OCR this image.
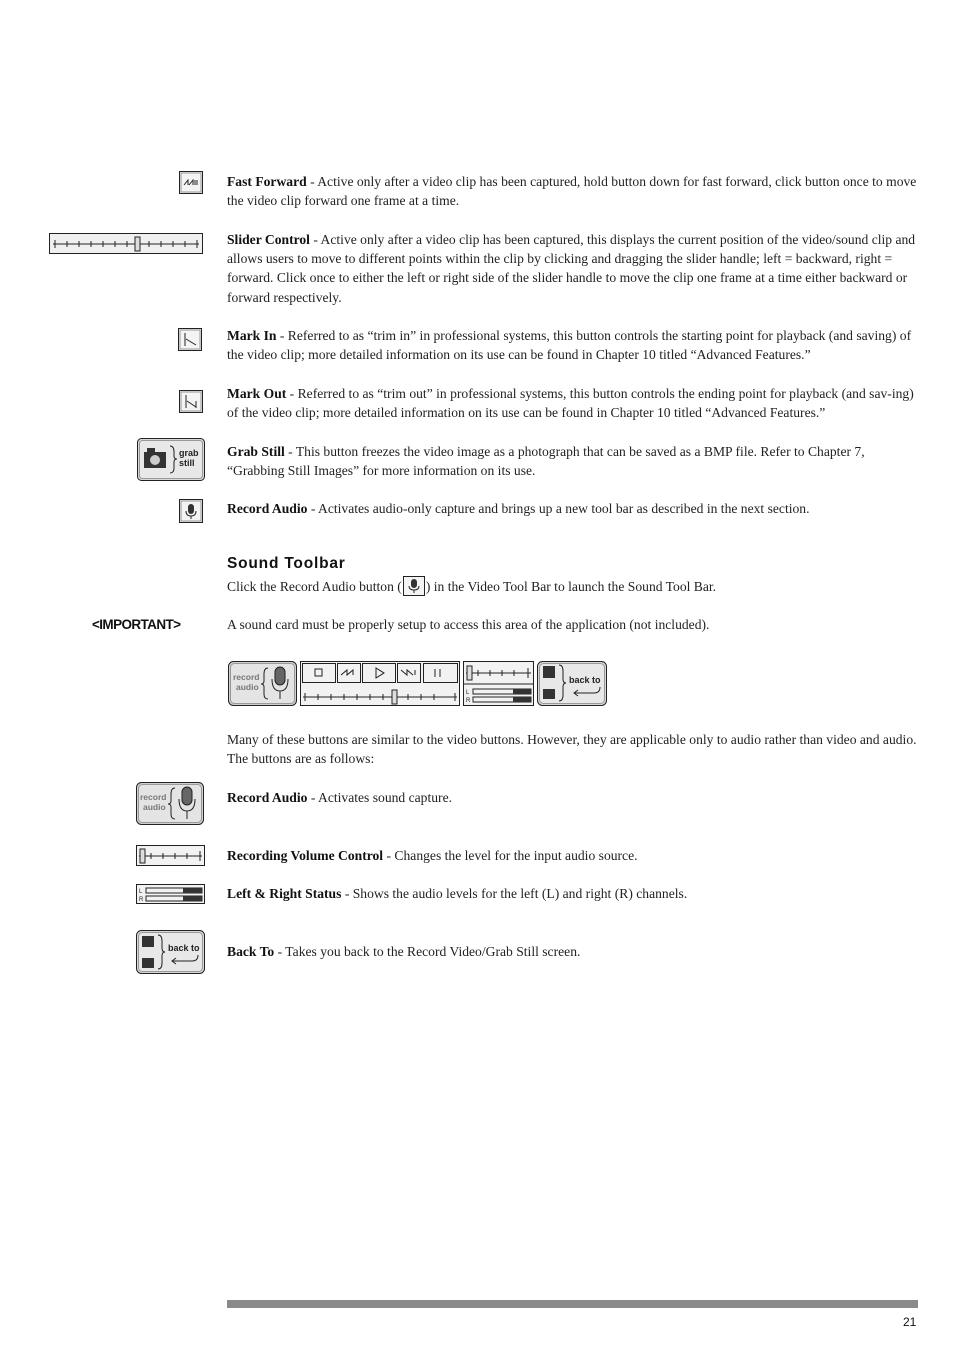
Fast Forward - Active only after a video clip has been captured, hold button down for fast forward, click button once to move the video clip forward one frame at a time.
Slider Control - Active only after a video clip has been captured, this displays the current position of the video/sound clip and allows users to move to different points within the clip by clicking and dragging the slider handle; left = backward, right = forward. Click once to either the left or right side of the slider handle to move the clip one frame at a time either backward or forward respectively.
Mark In - Referred to as “trim in” in professional systems, this button controls the starting point for playback (and saving) of the video clip; more detailed information on its use can be found in Chapter 10 titled “Advanced Features.”
Mark Out - Referred to as “trim out” in professional systems, this button controls the ending point for playback (and sav-ing) of the video clip; more detailed information on its use can be found in Chapter 10 titled “Advanced Features.”
grab
still
Grab Still - This button freezes the video image as a photograph that can be saved as a BMP file. Refer to Chapter 7, “Grabbing Still Images” for more information on its use.
Record Audio - Activates audio-only capture and brings up a new tool bar as described in the next section.
Sound Toolbar
Click the Record Audio button ( ) in the Video Tool Bar to launch the Sound Tool Bar.
<IMPORTANT>	A sound card must be properly setup to access this area of the application (not included).
record
audio
L
R
back to
Many of these buttons are similar to the video buttons. However, they are applicable only to audio rather than video and audio. The buttons are as follows:
record
audio
Record Audio - Activates sound capture.
Recording Volume Control - Changes the level for the input audio source.
L
R	Left & Right Status - Shows the audio levels for the left (L) and right (R) channels.
back to Back To - Takes you back to the Record Video/Grab Still screen.
21
